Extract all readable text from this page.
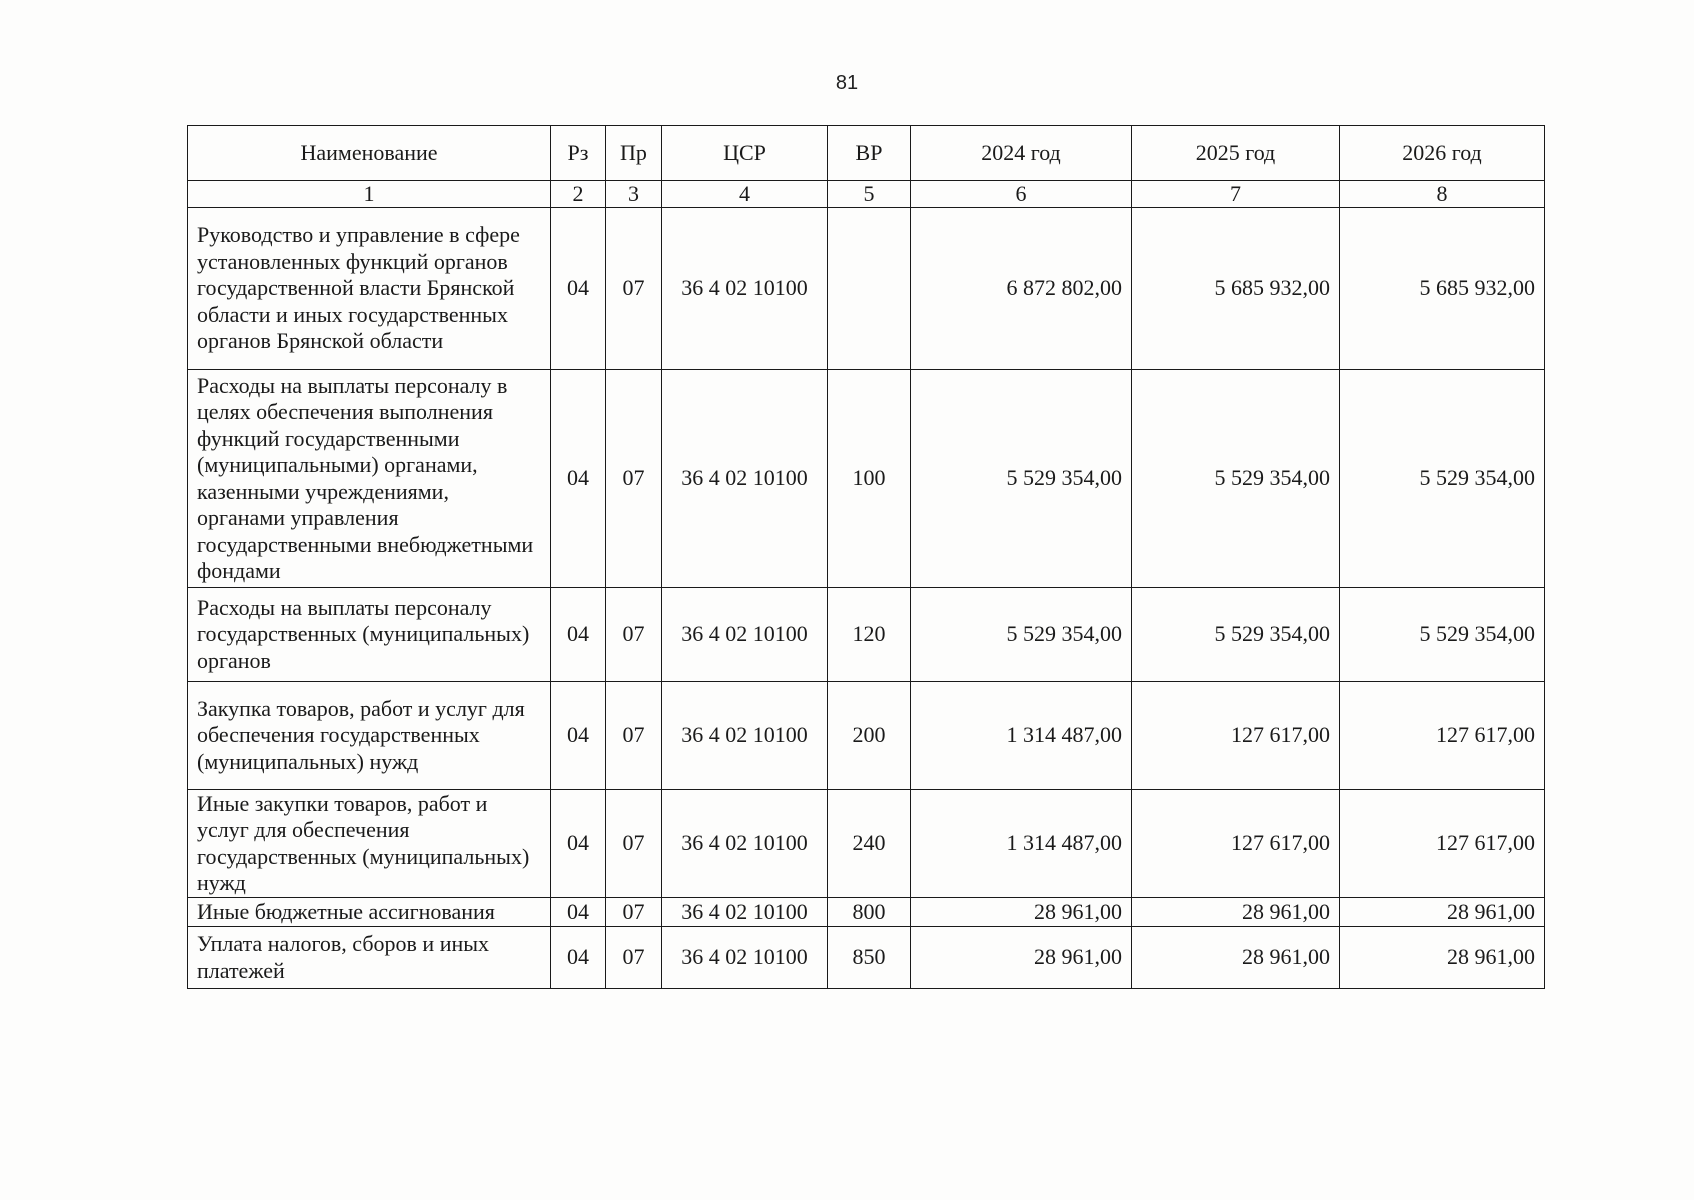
81
Наименование	Рз	Пр	ЦСР	ВР	2024 год	2025 год	2026 год
1	2	3	4	5	6	7	8
Руководство и управление в сфере установленных функций органов государственной власти Брянской области и иных государственных органов Брянской области	04	07	36 4 02 10100		6 872 802,00	5 685 932,00	5 685 932,00
Расходы на выплаты персоналу в целях обеспечения выполнения функций государственными (муниципальными) органами, казенными учреждениями, органами управления государственными внебюджетными фондами	04	07	36 4 02 10100	100	5 529 354,00	5 529 354,00	5 529 354,00
Расходы на выплаты персоналу государственных (муниципальных) органов	04	07	36 4 02 10100	120	5 529 354,00	5 529 354,00	5 529 354,00
Закупка товаров, работ и услуг для обеспечения государственных (муниципальных) нужд	04	07	36 4 02 10100	200	1 314 487,00	127 617,00	127 617,00
Иные закупки товаров, работ и услуг для обеспечения государственных (муниципальных) нужд	04	07	36 4 02 10100	240	1 314 487,00	127 617,00	127 617,00
Иные бюджетные ассигнования	04	07	36 4 02 10100	800	28 961,00	28 961,00	28 961,00
Уплата налогов, сборов и иных платежей	04	07	36 4 02 10100	850	28 961,00	28 961,00	28 961,00
